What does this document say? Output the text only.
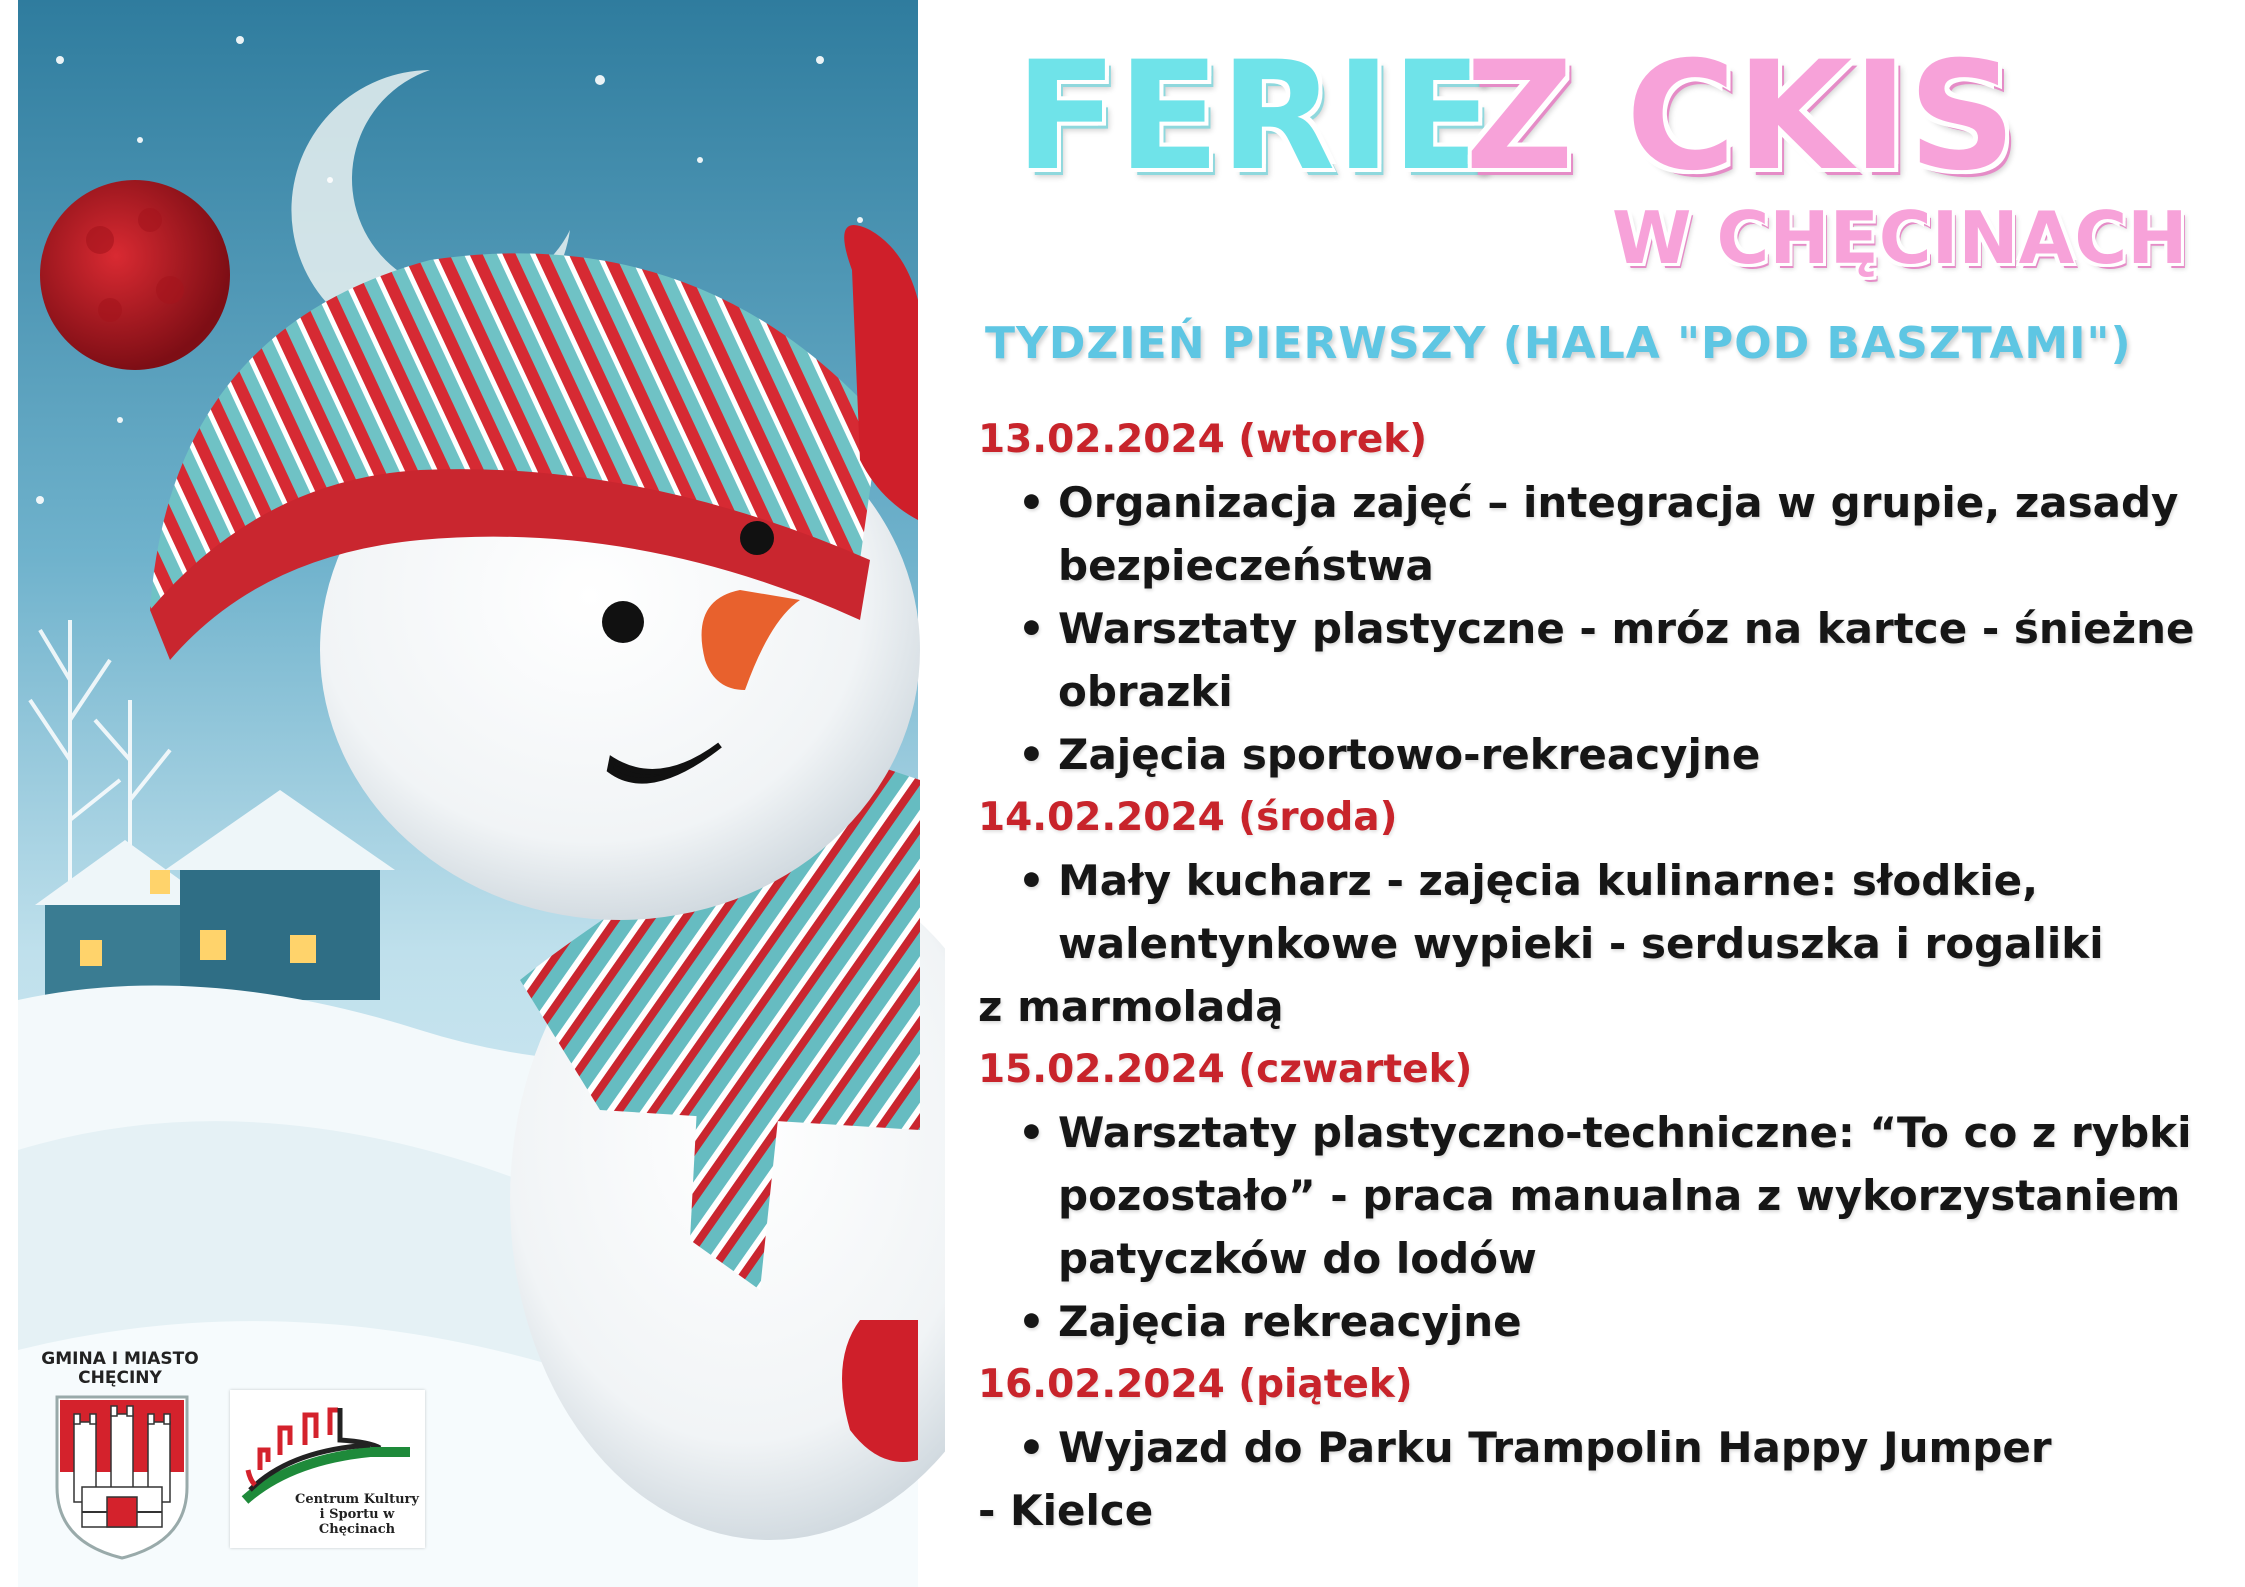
FERIE
Z CKIS
W CHĘCINACH
TYDZIEŃ PIERWSZY (HALA "POD BASZTAMI")
13.02.2024 (wtorek)
• Organizacja zajęć – integracja w grupie, zasady
bezpieczeństwa
• Warsztaty plastyczne - mróz na kartce - śnieżne
obrazki
• Zajęcia sportowo-rekreacyjne
14.02.2024 (środa)
• Mały kucharz - zajęcia kulinarne: słodkie,
walentynkowe wypieki - serduszka i rogaliki
z marmoladą
15.02.2024 (czwartek)
• Warsztaty plastyczno-techniczne: “To co z rybki
pozostało” - praca manualna z wykorzystaniem
patyczków do lodów
• Zajęcia rekreacyjne
16.02.2024 (piątek)
• Wyjazd do Parku Trampolin Happy Jumper
- Kielce
GMINA I MIASTO CHĘCINY
Centrum Kultury i Sportu w Chęcinach
